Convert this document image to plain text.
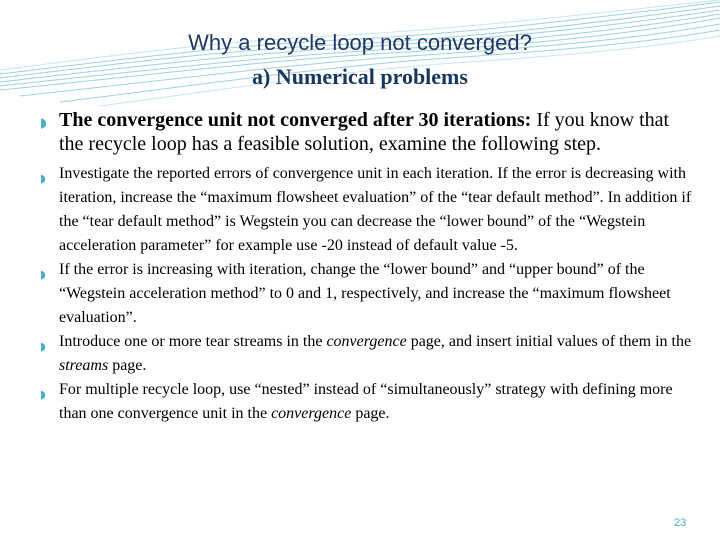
Why a recycle loop not converged?
a) Numerical problems
◗ The convergence unit not converged after 30 iterations: If you know that the recycle loop has a feasible solution, examine the following step.
◗ Investigate the reported errors of convergence unit in each iteration. If the error is decreasing with iteration, increase the “maximum flowsheet evaluation” of the “tear default method”. In addition if the “tear default method” is Wegstein you can decrease the “lower bound” of the “Wegstein acceleration parameter” for example use -20 instead of default value -5.
◗ If the error is increasing with iteration, change the “lower bound” and “upper bound” of the “Wegstein acceleration method” to 0 and 1, respectively, and increase the “maximum flowsheet evaluation”.
◗ Introduce one or more tear streams in the convergence page, and insert initial values of them in the streams page.
◗ For multiple recycle loop, use “nested” instead of “simultaneously” strategy with defining more than one convergence unit in the convergence page.
23
